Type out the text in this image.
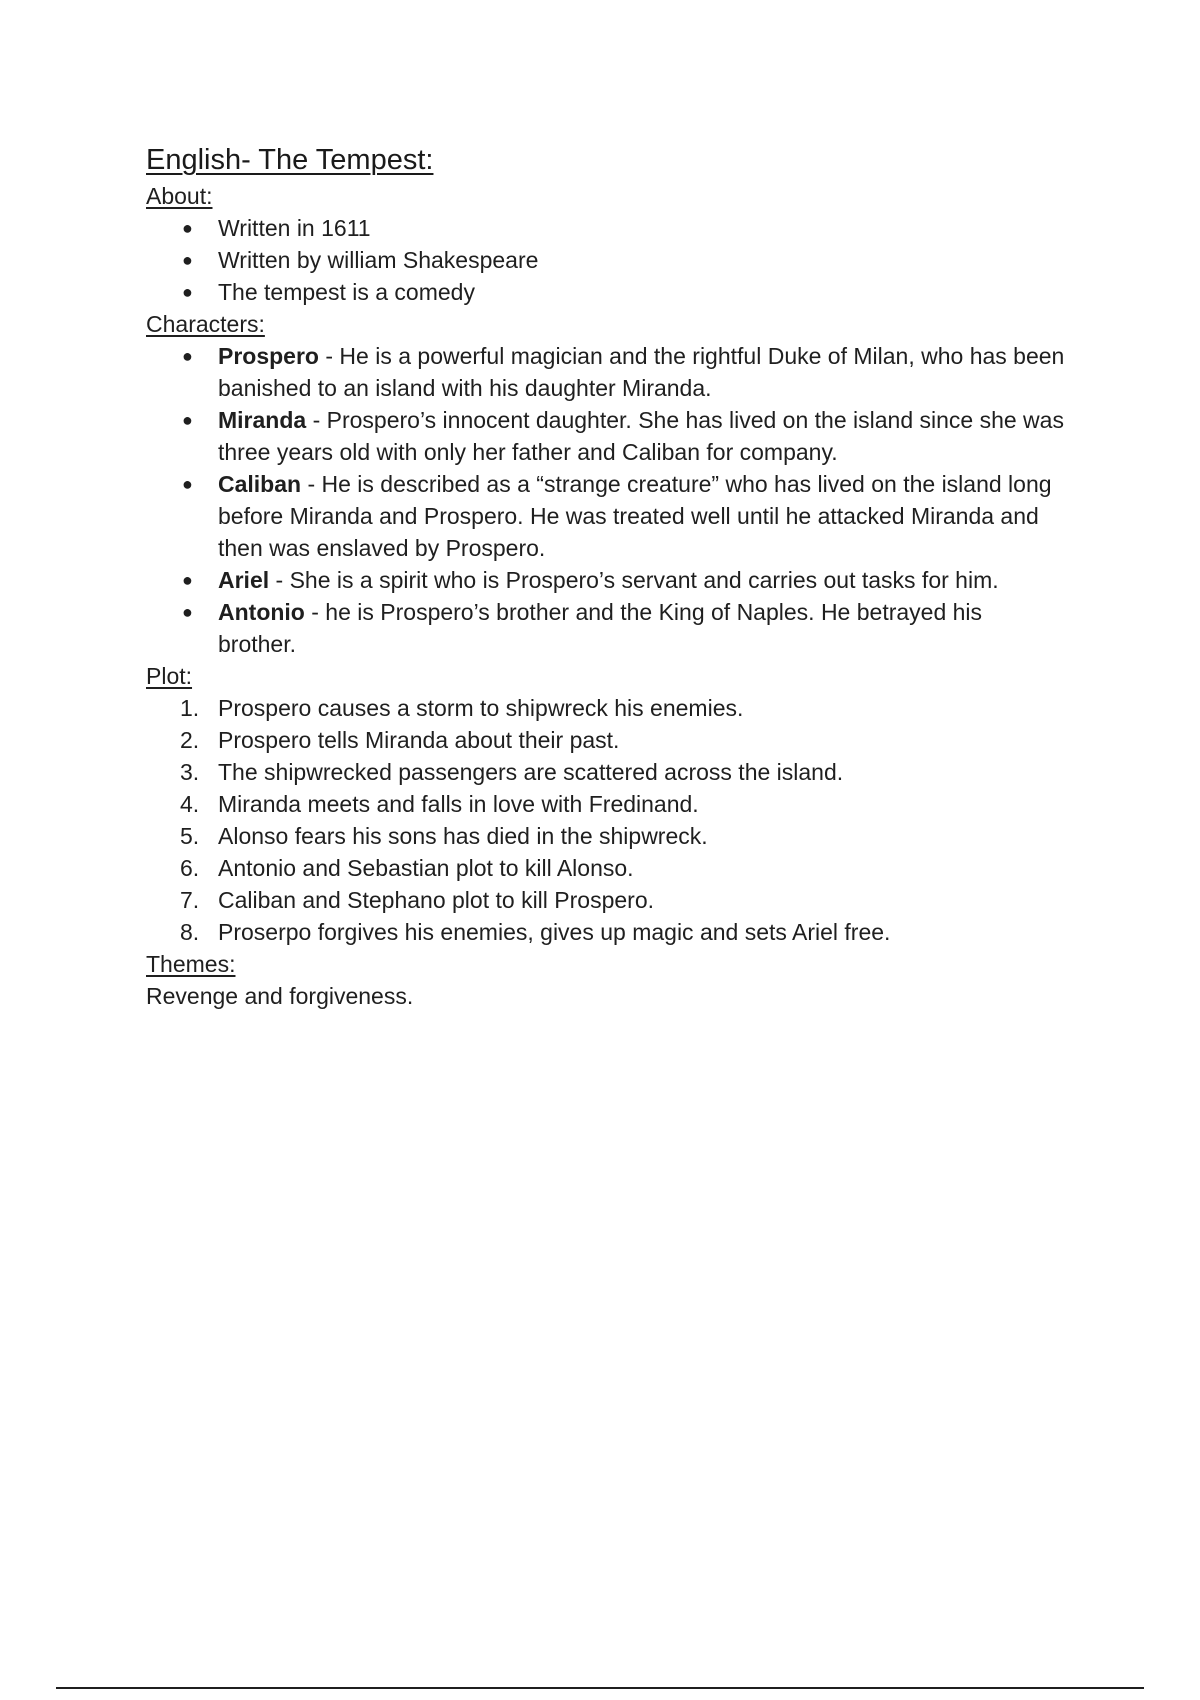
English- The Tempest:
About:
● Written in 1611
● Written by william Shakespeare
● The tempest is a comedy
Characters:
● Prospero - He is a powerful magician and the rightful Duke of Milan, who has been banished to an island with his daughter Miranda.
● Miranda - Prospero’s innocent daughter. She has lived on the island since she was three years old with only her father and Caliban for company.
● Caliban - He is described as a “strange creature” who has lived on the island long before Miranda and Prospero. He was treated well until he attacked Miranda and then was enslaved by Prospero.
● Ariel - She is a spirit who is Prospero’s servant and carries out tasks for him.
● Antonio - he is Prospero’s brother and the King of Naples. He betrayed his brother.
Plot:
1. Prospero causes a storm to shipwreck his enemies.
2. Prospero tells Miranda about their past.
3. The shipwrecked passengers are scattered across the island.
4. Miranda meets and falls in love with Fredinand.
5. Alonso fears his sons has died in the shipwreck.
6. Antonio and Sebastian plot to kill Alonso.
7. Caliban and Stephano plot to kill Prospero.
8. Proserpo forgives his enemies, gives up magic and sets Ariel free.
Themes:

Revenge and forgiveness.
